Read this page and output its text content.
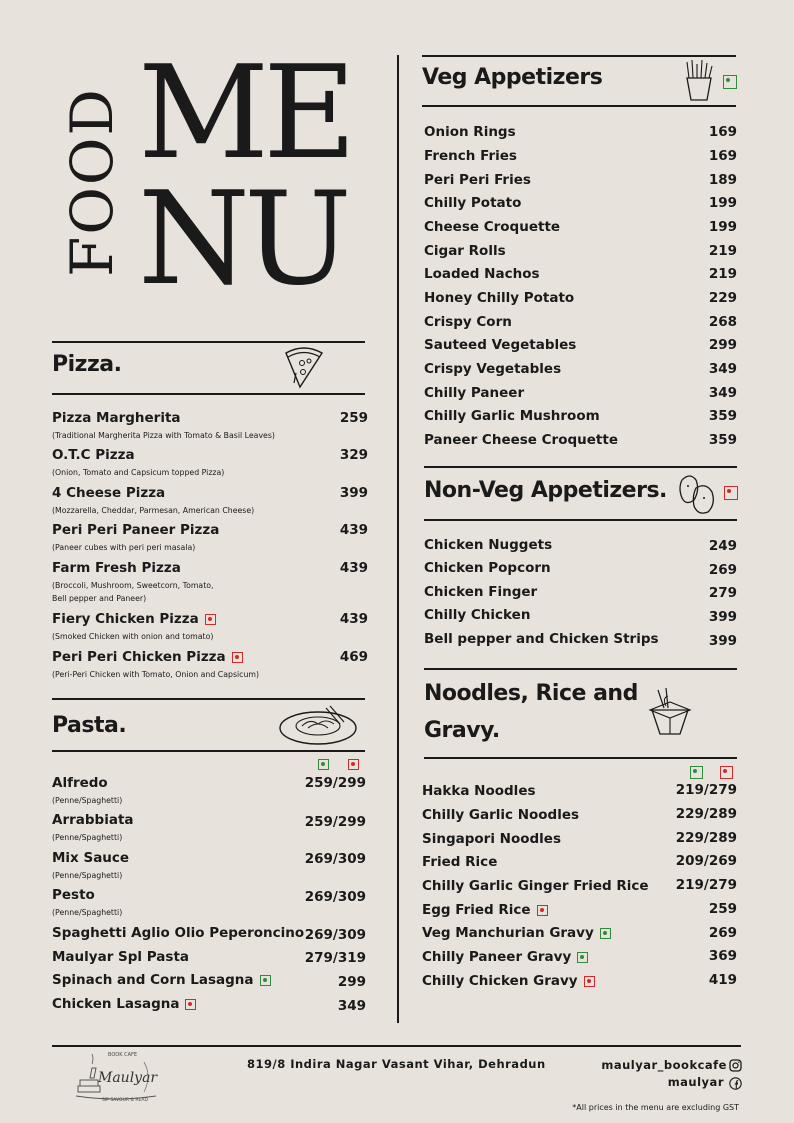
FOOD ME
NU
Pizza.
Pizza Margherita	259
(Traditional Margherita Pizza with Tomato & Basil Leaves)
O.T.C Pizza	329
(Onion, Tomato and Capsicum topped Pizza)
4 Cheese Pizza	399
(Mozzarella, Cheddar, Parmesan, American Cheese)
Peri Peri Paneer Pizza	439
(Paneer cubes with peri peri masala)
Farm Fresh Pizza	439
(Broccoli, Mushroom, Sweetcorn, Tomato,
Bell pepper and Paneer)
Fiery Chicken Pizza	439
(Smoked Chicken with onion and tomato)
Peri Peri Chicken Pizza	469
(Peri-Peri Chicken with Tomato, Onion and Capsicum)
Pasta.
Alfredo	259/299
(Penne/Spaghetti)
Arrabbiata	259/299
(Penne/Spaghetti)
Mix Sauce	269/309
(Penne/Spaghetti)
Pesto	269/309
(Penne/Spaghetti)
Spaghetti Aglio Olio Peperoncino 269/309
Maulyar Spl Pasta	279/319
Spinach and Corn Lasagna	299
Chicken Lasagna	349
Veg Appetizers
Onion Rings	169
French Fries	169
Peri Peri Fries	189
Chilly Potato	199
Cheese Croquette	199
Cigar Rolls	219
Loaded Nachos	219
Honey Chilly Potato	229
Crispy Corn	268
Sauteed Vegetables	299
Crispy Vegetables	349
Chilly Paneer	349
Chilly Garlic Mushroom	359
Paneer Cheese Croquette	359
Non-Veg Appetizers.
Chicken Nuggets	249
Chicken Popcorn	269
Chicken Finger	279
Chilly Chicken	399
Bell pepper and Chicken Strips	399
Noodles, Rice and
Gravy.
Hakka Noodles	219/279
Chilly Garlic Noodles	229/289
Singapori Noodles	229/289
Fried Rice	209/269
Chilly Garlic Ginger Fried Rice 219/279
Egg Fried Rice	259
Veg Manchurian Gravy	269
Chilly Paneer Gravy	369
Chilly Chicken Gravy	419
BOOK CAFE
Maulyar
SIP SAVOUR & READ
819/8 Indira Nagar Vasant Vihar, Dehradun	maulyar_bookcafe
maulyar
*All prices in the menu are excluding GST
